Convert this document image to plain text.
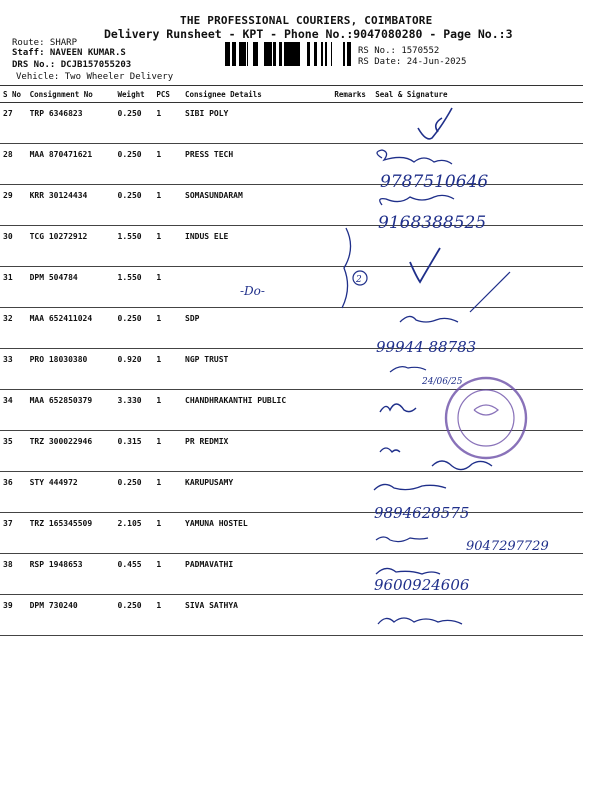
THE PROFESSIONAL COURIERS, COIMBATORE
Delivery Runsheet - KPT - Phone No.:9047080280 - Page No.:3
Route: SHARP
Staff: NAVEEN KUMAR.S
DRS No.: DCJB157055203
Vehicle: Two Wheeler Delivery
RS No.: 1570552
RS Date: 24-Jun-2025
S No	Consignment No	Weight	PCS	Consignee Details	Remarks	Seal & Signature
27	TRP 6346823	0.250	1	SIBI POLY		
28	MAA 870471621	0.250	1	PRESS TECH		
29	KRR 30124434	0.250	1	SOMASUNDARAM		
30	TCG 10272912	1.550	1	INDUS ELE		
31	DPM 504784	1.550	1			
32	MAA 652411024	0.250	1	SDP		
33	PRO 18030380	0.920	1	NGP TRUST		
34	MAA 652850379	3.330	1	CHANDHRAKANTHI PUBLIC		
35	TRZ 300022946	0.315	1	PR REDMIX		
36	STY 444972	0.250	1	KARUPUSAMY		
37	TRZ 165345509	2.105	1	YAMUNA HOSTEL		
38	RSP 1948653	0.455	1	PADMAVATHI		
39	DPM 730240	0.250	1	SIVA SATHYA		
9787510646
9168388525
2
-Do-
99944 88783
24/06/25
9894628575
9047297729
9600924606
